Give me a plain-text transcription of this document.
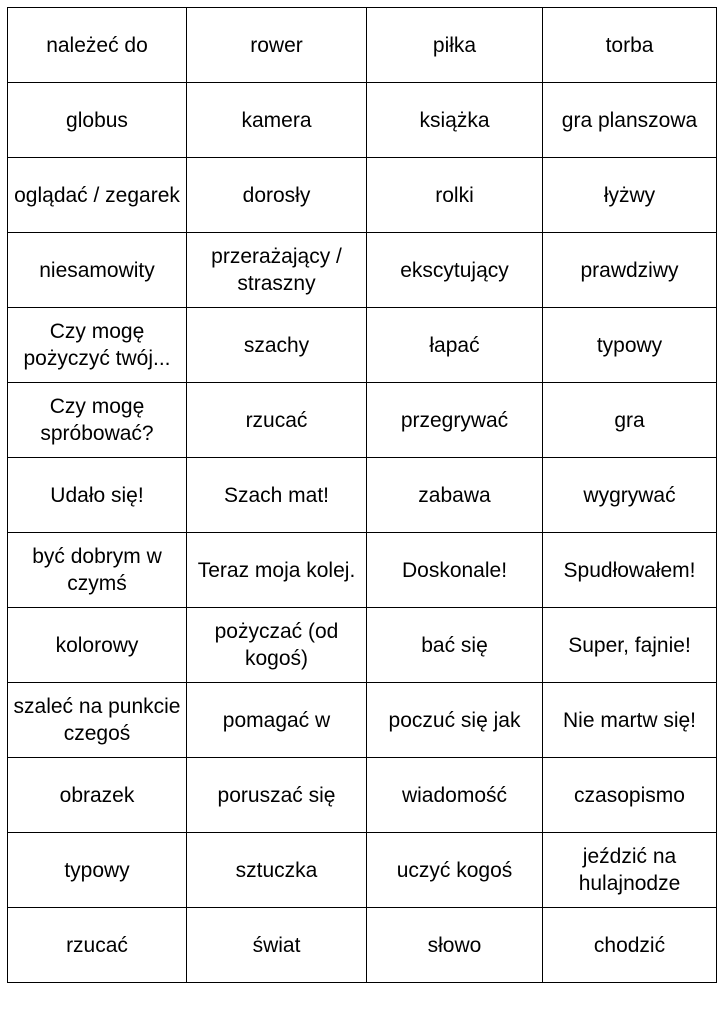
należeć do	rower	piłka	torba
globus	kamera	książka	gra planszowa
oglądać / zegarek	dorosły	rolki	łyżwy
niesamowity	przerażający / straszny	ekscytujący	prawdziwy
Czy mogę pożyczyć twój...	szachy	łapać	typowy
Czy mogę spróbować?	rzucać	przegrywać	gra
Udało się!	Szach mat!	zabawa	wygrywać
być dobrym w czymś	Teraz moja kolej.	Doskonale!	Spudłowałem!
kolorowy	pożyczać (od kogoś)	bać się	Super, fajnie!
szaleć na punkcie czegoś	pomagać w	poczuć się jak	Nie martw się!
obrazek	poruszać się	wiadomość	czasopismo
typowy	sztuczka	uczyć kogoś	jeździć na hulajnodze
rzucać	świat	słowo	chodzić
